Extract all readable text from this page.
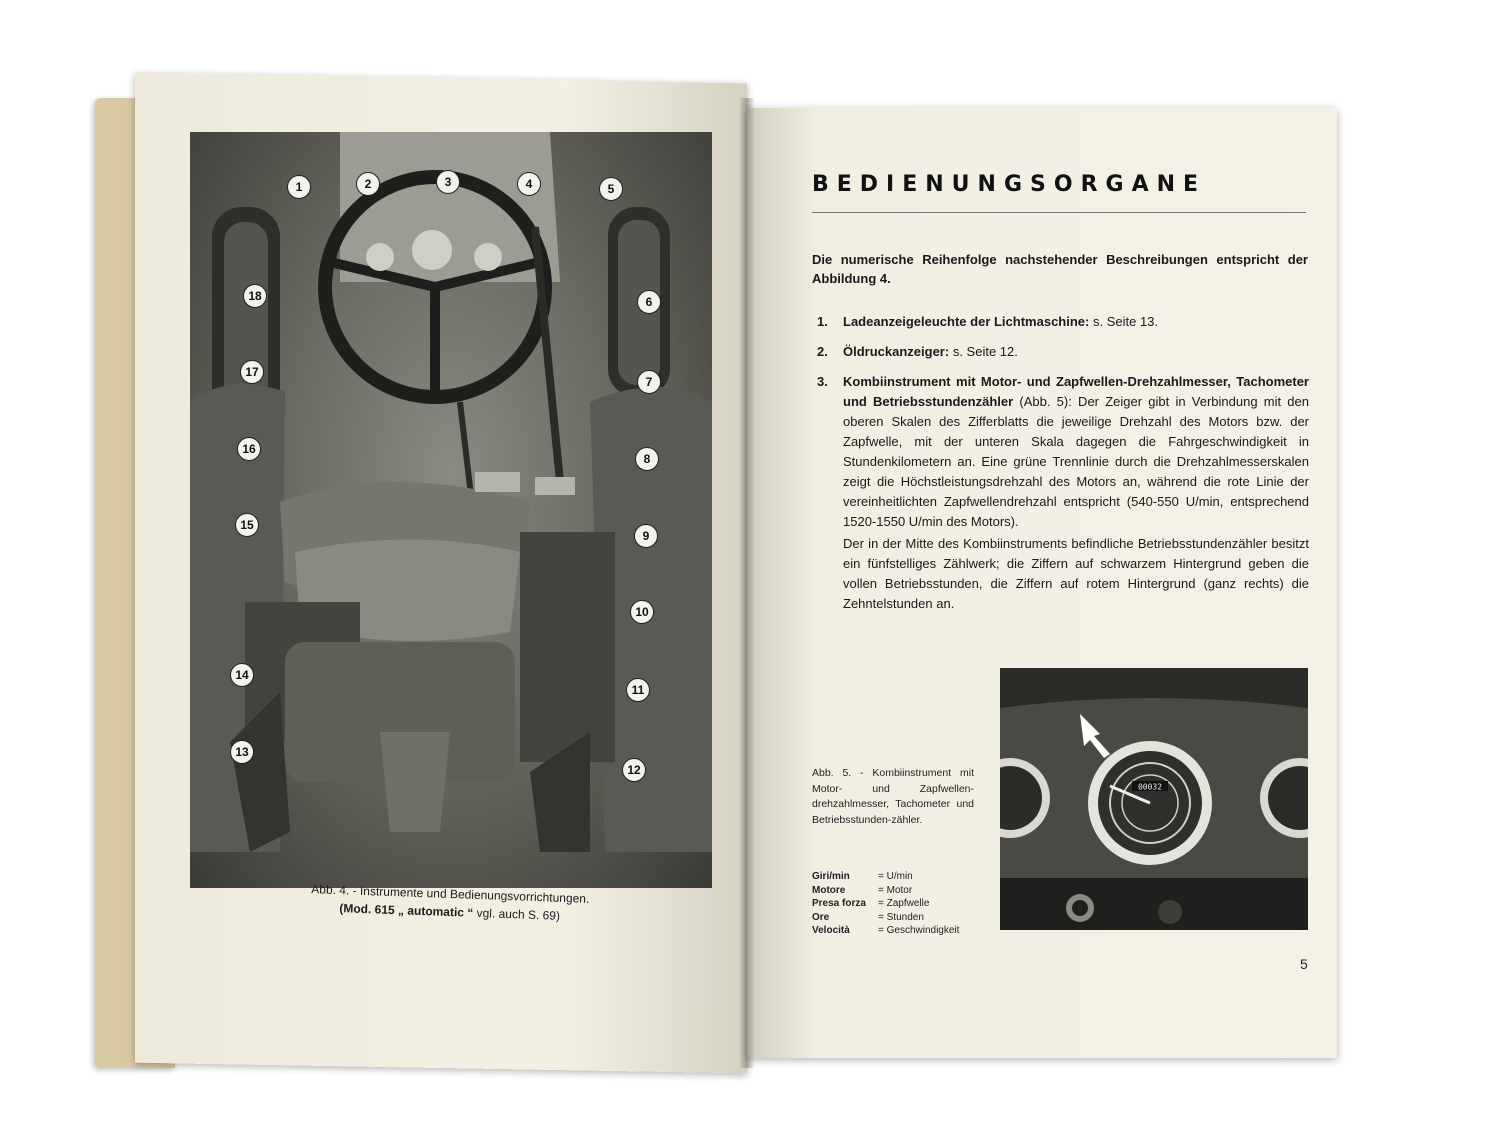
1	2	3	4	5
6
7
8
9
10
11
12
13
14
15
16
17
18
Abb. 4. - Instrumente und Bedienungsvorrichtungen.
(Mod. 615 „ automatic “ vgl. auch S. 69)
BEDIENUNGSORGANE
Die numerische Reihenfolge nachstehender Beschreibungen entspricht der Abbildung 4.
1.	Ladeanzeigeleuchte der Lichtmaschine: s. Seite 13.
2.	Öldruckanzeiger: s. Seite 12.
3.	Kombiinstrument mit Motor- und Zapfwellen-Drehzahlmesser, Tachometer und Betriebsstundenzähler (Abb. 5): Der Zeiger gibt in Verbindung mit den oberen Skalen des Zifferblatts die jeweilige Drehzahl des Motors bzw. der Zapfwelle, mit der unteren Skala dagegen die Fahrgeschwindigkeit in Stundenkilometern an. Eine grüne Trennlinie durch die Drehzahlmesserskalen zeigt die Höchstleistungsdrehzahl des Motors an, während die rote Linie der vereinheitlichten Zapfwellendrehzahl entspricht (540-550 U/min, entsprechend 1520-1550 U/min des Motors).

Der in der Mitte des Kombiinstruments befindliche Betriebsstundenzähler besitzt ein fünfstelliges Zählwerk; die Ziffern auf schwarzem Hintergrund geben die vollen Betriebsstunden, die Ziffern auf rotem Hintergrund (ganz rechts) die Zehntelstunden an.

Abb. 5. - Kombiinstrument mit Motor- und Zapfwellen-drehzahlmesser, Tachometer und Betriebsstunden-zähler.
Giri/min	= U/min
Motore	= Motor
Presa forza	= Zapfwelle
Ore	= Stunden
Velocità	= Geschwindigkeit
00032
5
